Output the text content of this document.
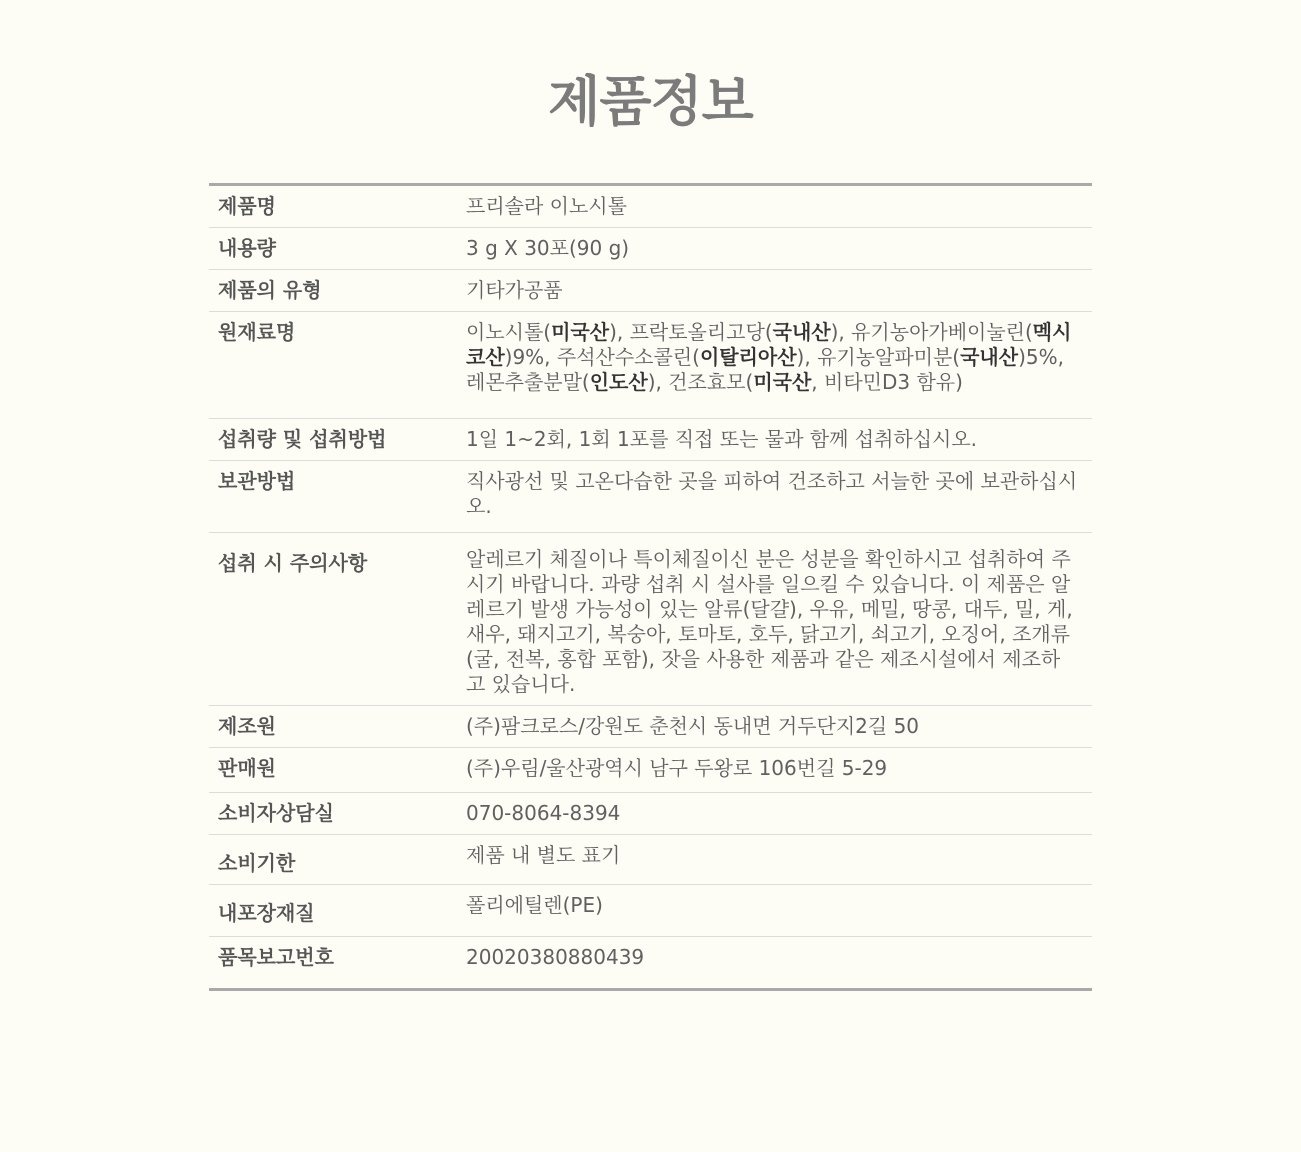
제품정보
제품명	프리솔라 이노시톨
내용량	3 g X 30포(90 g)
제품의 유형	기타가공품
원재료명	이노시톨(미국산), 프락토올리고당(국내산), 유기농아가베이눌린(멕시코산)9%, 주석산수소콜린(이탈리아산), 유기농알파미분(국내산)5%, 레몬추출분말(인도산), 건조효모(미국산, 비타민D3 함유)
섭취량 및 섭취방법	1일 1~2회, 1회 1포를 직접 또는 물과 함께 섭취하십시오.
보관방법	직사광선 및 고온다습한 곳을 피하여 건조하고 서늘한 곳에 보관하십시오.
섭취 시 주의사항	알레르기 체질이나 특이체질이신 분은 성분을 확인하시고 섭취하여 주시기 바랍니다. 과량 섭취 시 설사를 일으킬 수 있습니다. 이 제품은 알레르기 발생 가능성이 있는 알류(달걀), 우유, 메밀, 땅콩, 대두, 밀, 게, 새우, 돼지고기, 복숭아, 토마토, 호두, 닭고기, 쇠고기, 오징어, 조개류(굴, 전복, 홍합 포함), 잣을 사용한 제품과 같은 제조시설에서 제조하고 있습니다.
제조원	(주)팜크로스/강원도 춘천시 동내면 거두단지2길 50
판매원	(주)우림/울산광역시 남구 두왕로 106번길 5-29
소비자상담실	070-8064-8394
소비기한	제품 내 별도 표기
내포장재질	폴리에틸렌(PE)
품목보고번호	20020380880439
